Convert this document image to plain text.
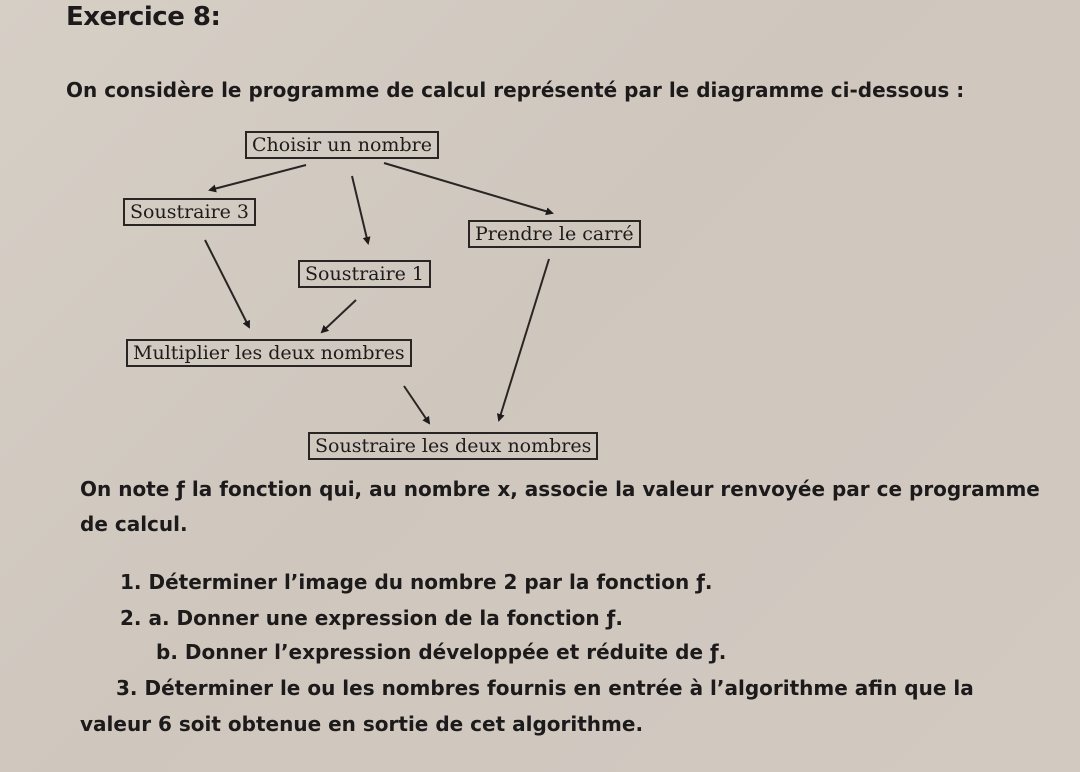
Exercice 8:

On considère le programme de calcul représenté par le diagramme ci-dessous :

Choisir un nombre
Soustraire 3
Prendre le carré
Soustraire 1
Multiplier les deux nombres
Soustraire les deux nombres

On note ƒ la fonction qui, au nombre x, associe la valeur renvoyée par ce programme de calcul.

1. Déterminer l’image du nombre 2 par la fonction ƒ.

2. a. Donner une expression de la fonction ƒ.

b. Donner l’expression développée et réduite de ƒ.

3. Déterminer le ou les nombres fournis en entrée à l’algorithme afin que la valeur 6 soit obtenue en sortie de cet algorithme.
